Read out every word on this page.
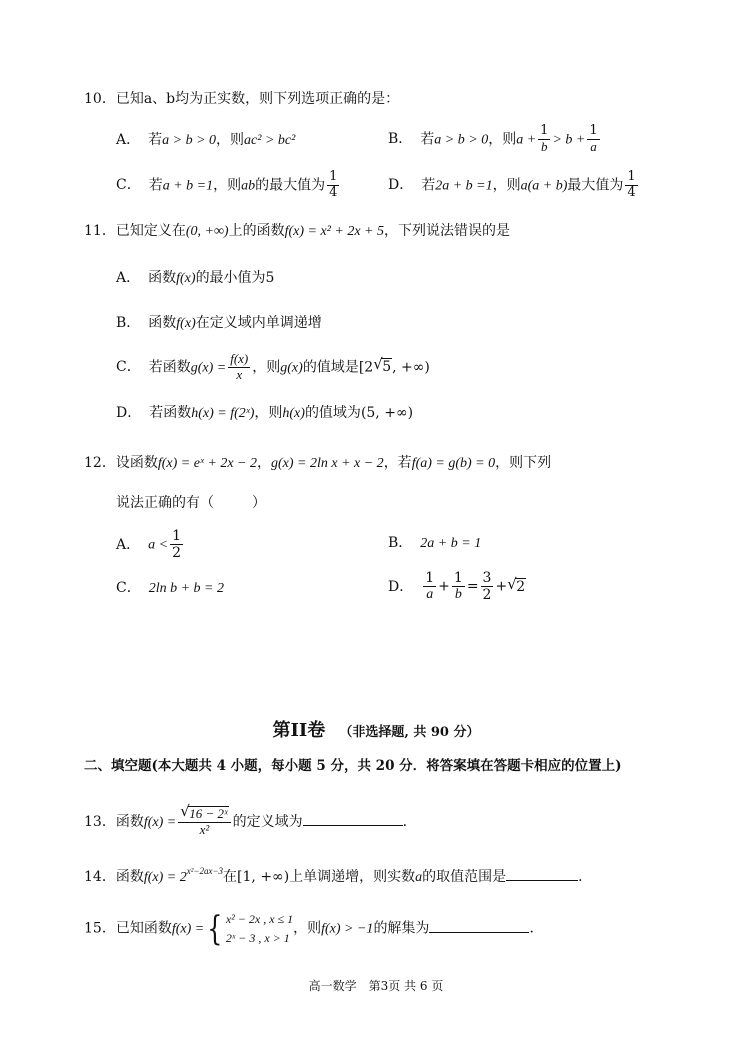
10．已知a、b均为正实数，则下列选项正确的是：
A． 若a > b > 0，则ac² > bc²	B． 若a > b > 0，则$a + \frac{1}{b} > b + \frac{1}{a}$
C． 若a + b =1，则ab的最大值为 $\frac{1}{4}$	D． 若2a + b =1，则a(a + b)最大值为 $\frac{1}{4}$
11．已知定义在(0, +∞)上的函数f(x) = x² + 2x + 5，下列说法错误的是
A． 函数f(x)的最小值为5
B． 函数f(x)在定义域内单调递增
C． 若函数$g(x) = \frac{f(x)}{x}$ ，则g(x)的值域是[2 √ 5, +∞)
D． 若函数h(x) = f(2ˣ)，则h(x)的值域为(5, +∞)
12．设函数f(x) = eˣ + 2x − 2，g(x) = 2ln x + x − 2，若f(a) = g(b) = 0，则下列
说法正确的有（	）
A． $a < \frac{1}{2}$	B． 2a + b = 1
C． 2ln b + b = 2	D． $\frac{1}{a} + \frac{1}{b} = \frac{3}{2}$ + √ 2
第II卷 （非选择题, 共 90 分）
二、填空题(本大题共 4 小题，每小题 5 分，共 20 分．将答案填在答题卡相应的位置上)
13．函数$f(x) = \frac{\text{√ 16 − 2ˣ}}{\text{x²}}$ 的定义域为	．
14．函数$f(x) = 2^{x^2-2ax-3}$在[1, +∞)上单调递增，则实数a的取值范围是	．
15．已知函数f(x) ={ x² − 2x , x ≤ 1
2ˣ − 3 , x > 1
，则f(x) > −1的解集为	．
高一数学　第3页 共 6 页
